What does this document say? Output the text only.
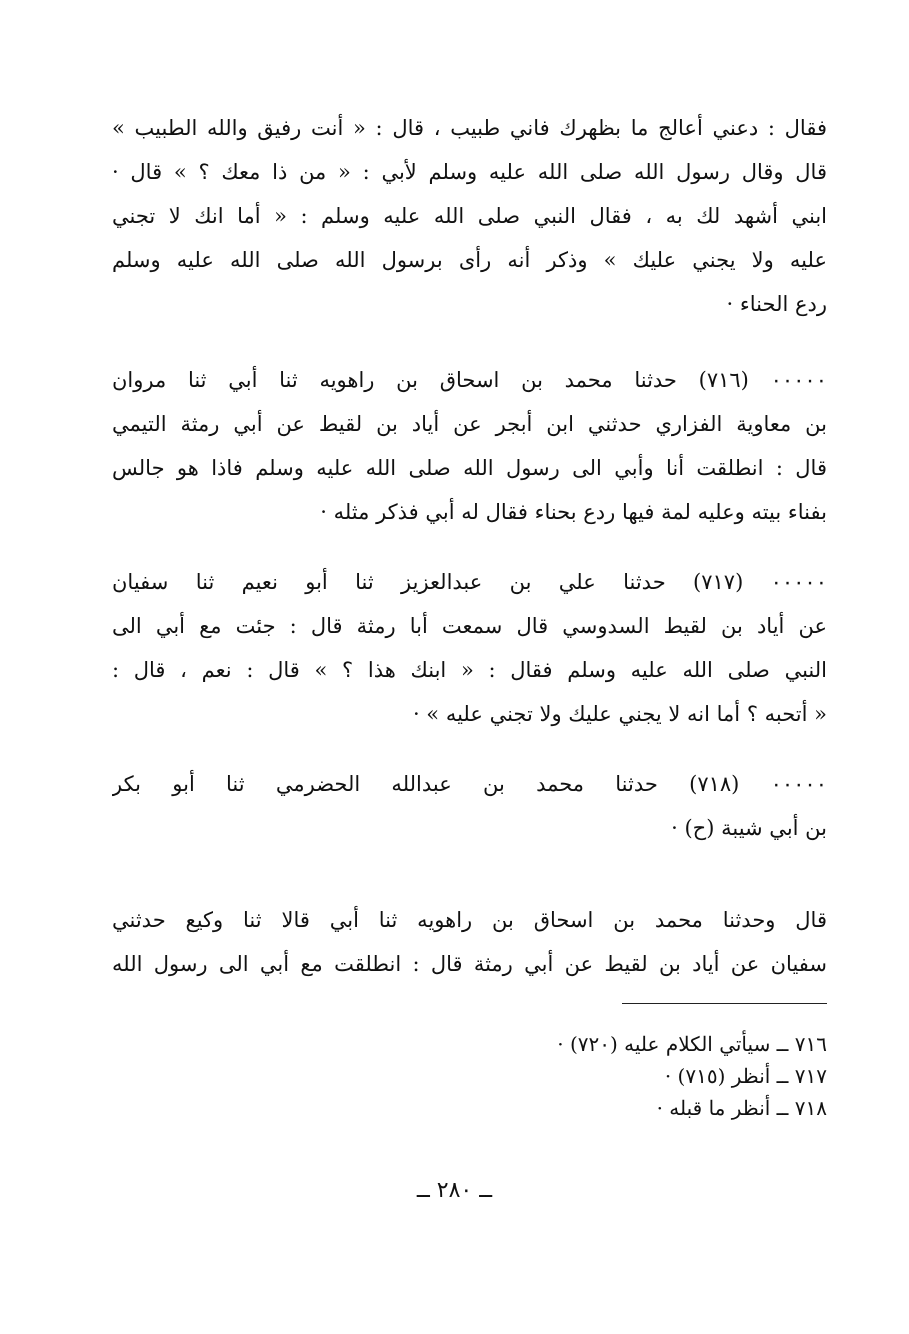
فقال : دعني أعالج ما بظهرك فاني طبيب ، قال : « أنت رفيق والله الطبيب »
قال وقال رسول الله صلى الله عليه وسلم لأبي : « من ذا معك ؟ » قال ·
ابني أشهد لك به ، فقال النبي صلى الله عليه وسلم : « أما انك لا تجني
عليه ولا يجني عليك » وذكر أنه رأى برسول الله صلى الله عليه وسلم
ردع الحناء ·
٠٠٠٠٠ (٧١٦) حدثنا محمد بن اسحاق بن راهويه ثنا أبي ثنا مروان
بن معاوية الفزاري حدثني ابن أبجر عن أياد بن لقيط عن أبي رمثة التيمي
قال : انطلقت أنا وأبي الى رسول الله صلى الله عليه وسلم فاذا هو جالس
بفناء بيته وعليه لمة فيها ردع بحناء فقال له أبي فذكر مثله ·
٠٠٠٠٠ (٧١٧) حدثنا علي بن عبدالعزيز ثنا أبو نعيم ثنا سفيان
عن أياد بن لقيط السدوسي قال سمعت أبا رمثة قال : جئت مع أبي الى
النبي صلى الله عليه وسلم فقال : « ابنك هذا ؟ » قال : نعم ، قال :
« أتحبه ؟ أما انه لا يجني عليك ولا تجني عليه » ·
٠٠٠٠٠ (٧١٨) حدثنا محمد بن عبدالله الحضرمي ثنا أبو بكر
بن أبي شيبة (ح) ·
قال وحدثنا محمد بن اسحاق بن راهويه ثنا أبي قالا ثنا وكيع حدثني
سفيان عن أياد بن لقيط عن أبي رمثة قال : انطلقت مع أبي الى رسول الله
٧١٦ ــ سيأتي الكلام عليه (٧٢٠) ·
٧١٧ ــ أنظر (٧١٥) ·
٧١٨ ــ أنظر ما قبله ·
ــ ٢٨٠ ــ
